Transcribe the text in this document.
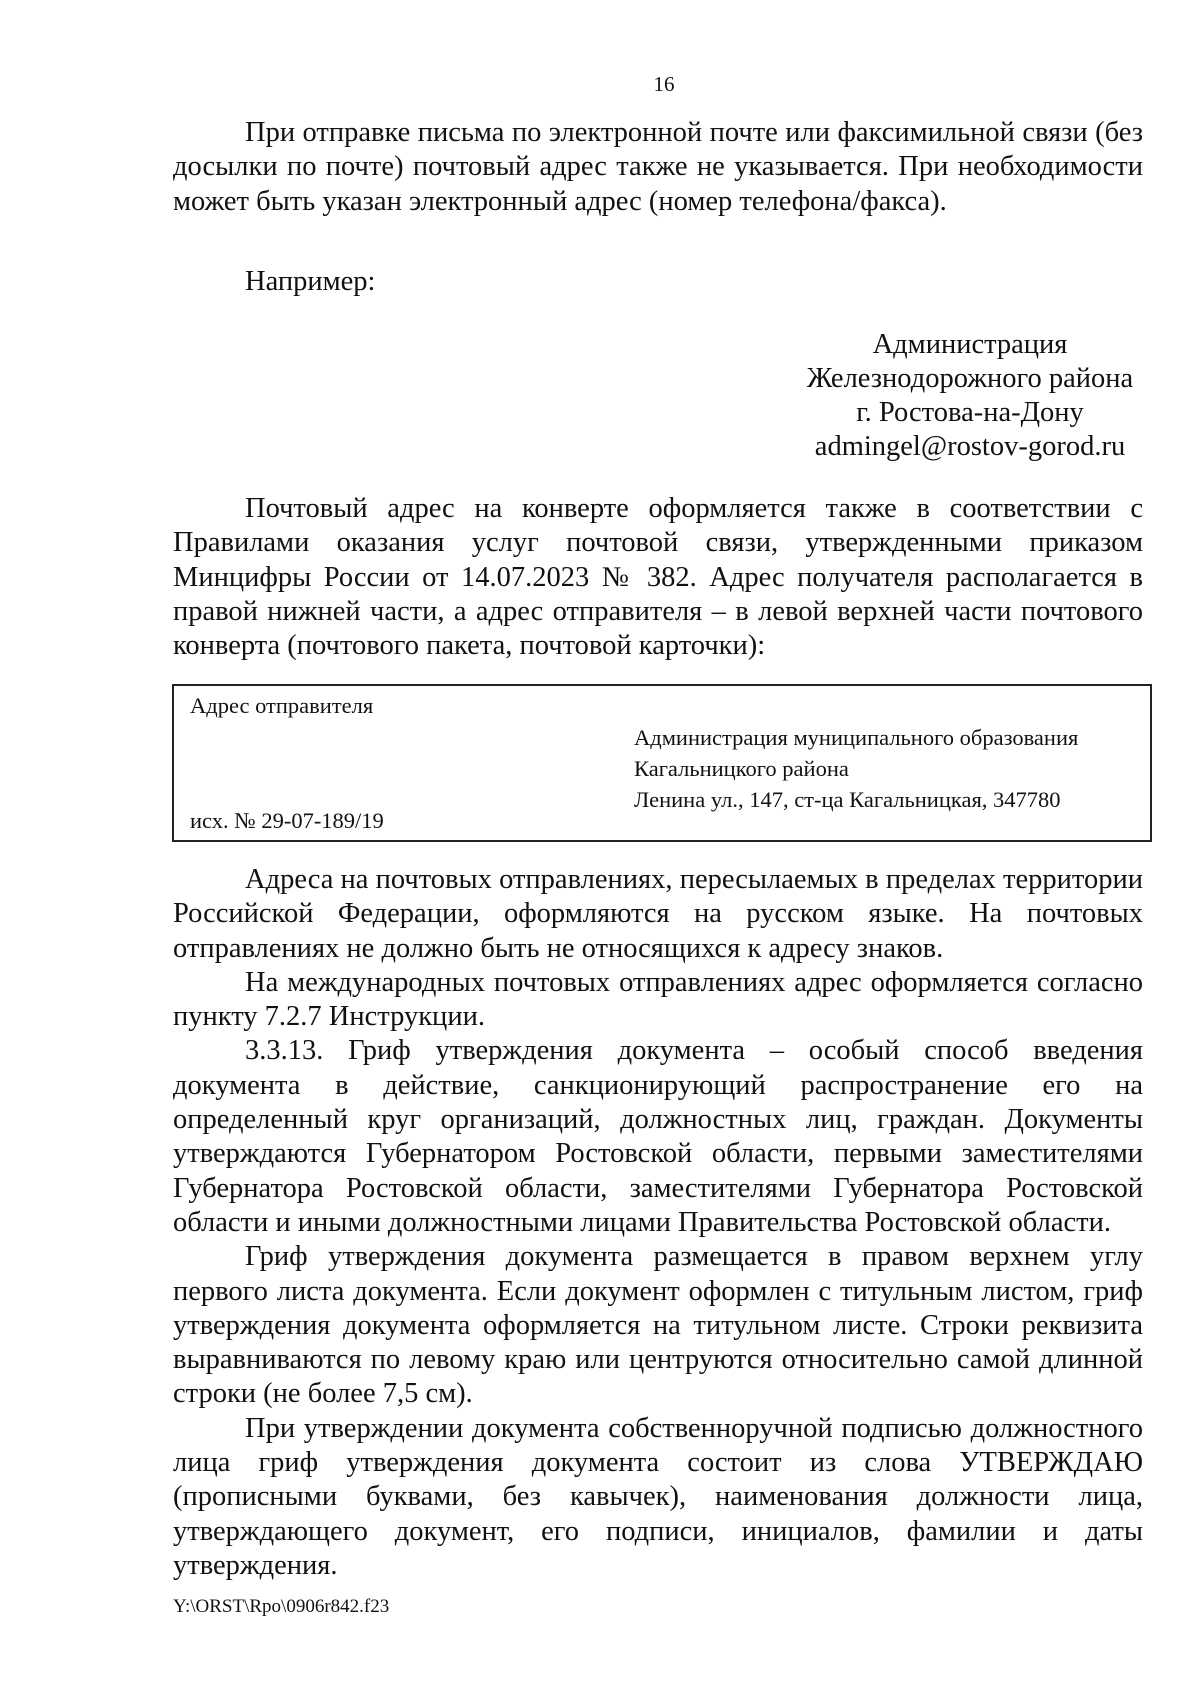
16

При отправке письма по электронной почте или факсимильной связи (без досылки по почте) почтовый адрес также не указывается. При необходимости может быть указан электронный адрес (номер телефона/факса).

Например:
Администрация
Железнодорожного района
г. Ростова-на-Дону
admingel@rostov-gorod.ru

Почтовый адрес на конверте оформляется также в соответствии с Правилами оказания услуг почтовой связи, утвержденными приказом Минцифры России от 14.07.2023 № 382. Адрес получателя располагается в правой нижней части, а адрес отправителя – в левой верхней части почтового конверта (почтового пакета, почтовой карточки):

Адрес отправителя
Администрация муниципального образования
Кагальницкого района
Ленина ул., 147, ст-ца Кагальницкая, 347780
исх. № 29-07-189/19

Адреса на почтовых отправлениях, пересылаемых в пределах территории Российской Федерации, оформляются на русском языке. На почтовых отправлениях не должно быть не относящихся к адресу знаков.

На международных почтовых отправлениях адрес оформляется согласно пункту 7.2.7 Инструкции.

3.3.13. Гриф утверждения документа – особый способ введения документа в действие, санкционирующий распространение его на определенный круг организаций, должностных лиц, граждан. Документы утверждаются Губернатором Ростовской области, первыми заместителями Губернатора Ростовской области, заместителями Губернатора Ростовской области и иными должностными лицами Правительства Ростовской области.

Гриф утверждения документа размещается в правом верхнем углу первого листа документа. Если документ оформлен с титульным листом, гриф утверждения документа оформляется на титульном листе. Строки реквизита выравниваются по левому краю или центруются относительно самой длинной строки (не более 7,5 см).

При утверждении документа собственноручной подписью должностного лица гриф утверждения документа состоит из слова УТВЕРЖДАЮ (прописными буквами, без кавычек), наименования должности лица, утверждающего документ, его подписи, инициалов, фамилии и даты утверждения.

Y:\ORST\Rpo\0906r842.f23
